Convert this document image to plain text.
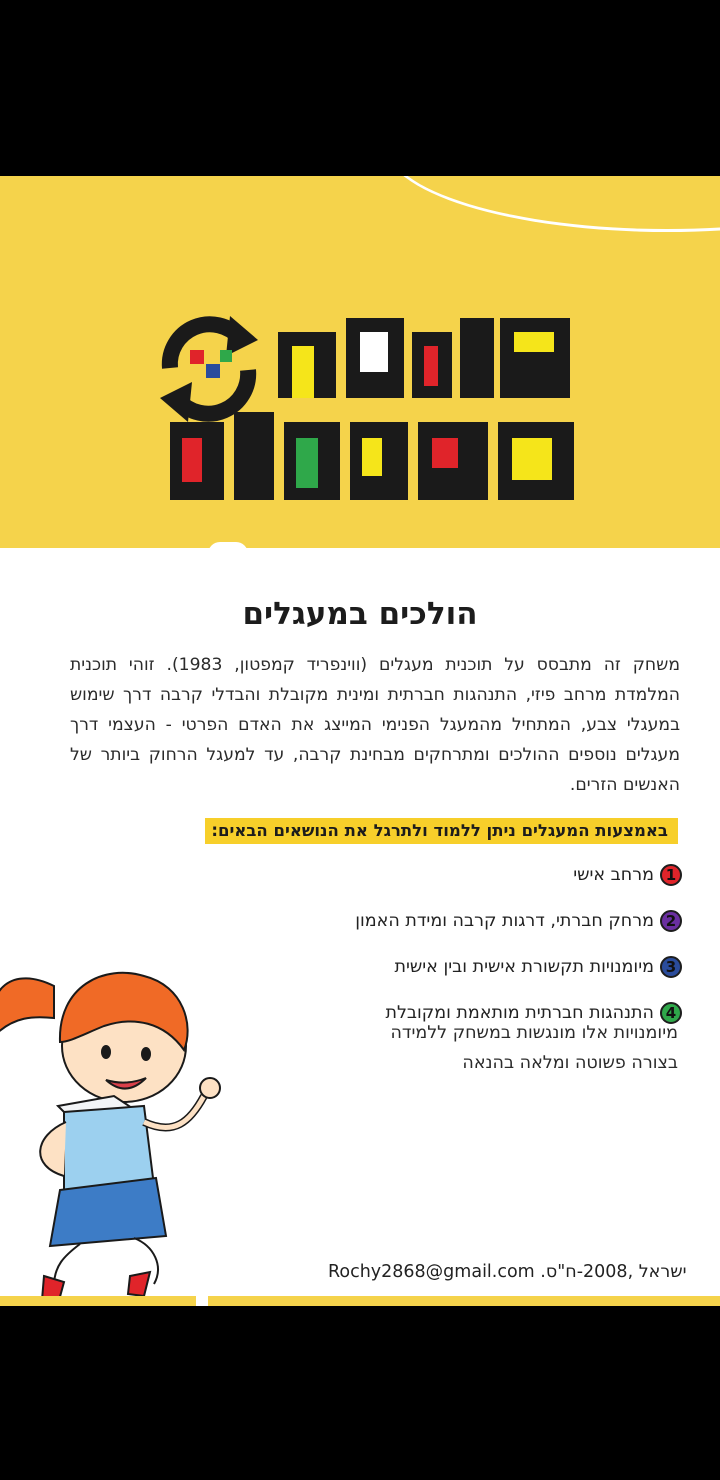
הולכים במעגלים
משחק זה מתבסס על תוכנית מעגלים (ווינפריד קמפטון, 1983). זוהי תוכנית המלמדת מרחב פיזי, התנהגות חברתית ומינית מקובלת והבדלי קרבה דרך שימוש במעגלי צבע, המתחיל מהמעגל הפנימי המייצג את האדם הפרטי - העצמי דרך מעגלים נוספים ההולכים ומתרחקים מבחינת קרבה, עד למעגל הרחוק ביותר של האנשים הזרים.
באמצעות המעגלים ניתן ללמוד ולתרגל את הנושאים הבאים:
1
מרחב אישי
2
מרחק חברתי, דרגות קרבה ומידת האמון
3
מיומנויות תקשורת אישית ובין אישית
4
התנהגות חברתית מותאמת ומקובלת
מיומנויות אלו מונגשות במשחק ללמידה
בצורה פשוטה ומלאה בהנאה
Rochy2868@gmail.com .ישראל ,2008-ח"ס
